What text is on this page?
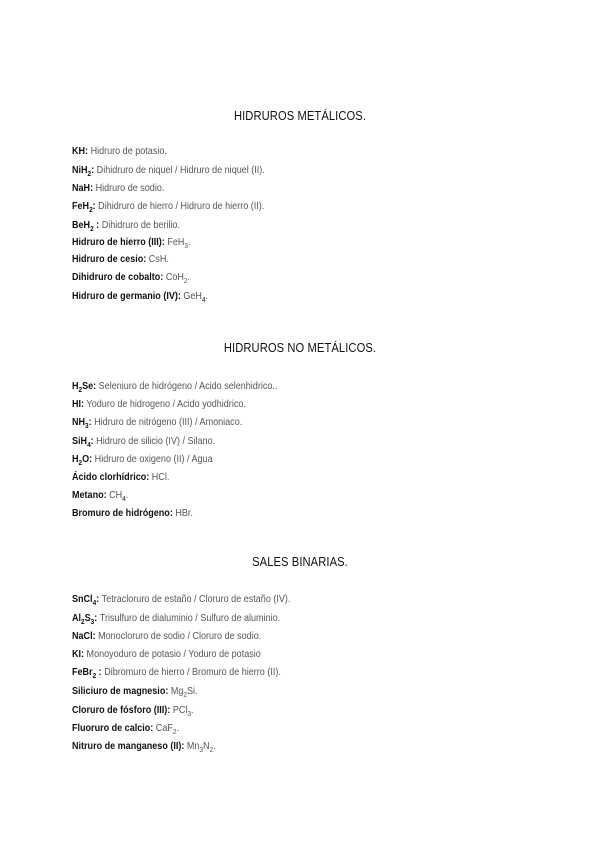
HIDRUROS METÁLICOS.
KH: Hidruro de potasio.
NiH$_2$: Dihidruro de niquel / Hidruro de niquel (II).
NaH: Hidruro de sodio.
FeH$_2$: Dihidruro de hierro / Hidruro de hierro (II).
BeH$_2$ : Dihidruro de berilio.
Hidruro de hierro (III): FeH$_3$.
Hidruro de cesio: CsH.
Dihidruro de cobalto: CoH$_2$.
Hidruro de germanio (IV): GeH$_4$.
HIDRUROS NO METÁLICOS.
$H_2Se$: Seleniuro de hidrógeno / Acido selenhidrico..
HI: Yoduro de hidrogeno / Acido yodhidrico.
$NH_3$: Hidruro de nitrógeno (III) / Amoniaco.
SiH$_4$: Hidruro de silicio (IV) / Silano.
$H_2O$: Hidruro de oxigeno (II) / Agua
Ácido clorhídrico: HCl.
Metano: $CH_4$.
Bromuro de hidrógeno: HBr.
SALES BINARIAS.
SnCl$_4$: Tetracloruro de estaño / Cloruro de estaño (IV).
$Al_2S_3$: Trisulfuro de dialuminio / Sulfuro de aluminio.
NaCl: Monocloruro de sodio / Cloruro de sodio.
KI: Monoyoduro de potasio / Yoduro de potasio
FeBr$_2$ : Dibromuro de hierro / Bromuro de hierro (II).
Siliciuro de magnesio: $Mg_2Si$.
Cloruro de fósforo (III): PCl$_3$.
Fluoruro de calcio: CaF$_2$.
Nitruro de manganeso (II): $Mn_3N_2$.
